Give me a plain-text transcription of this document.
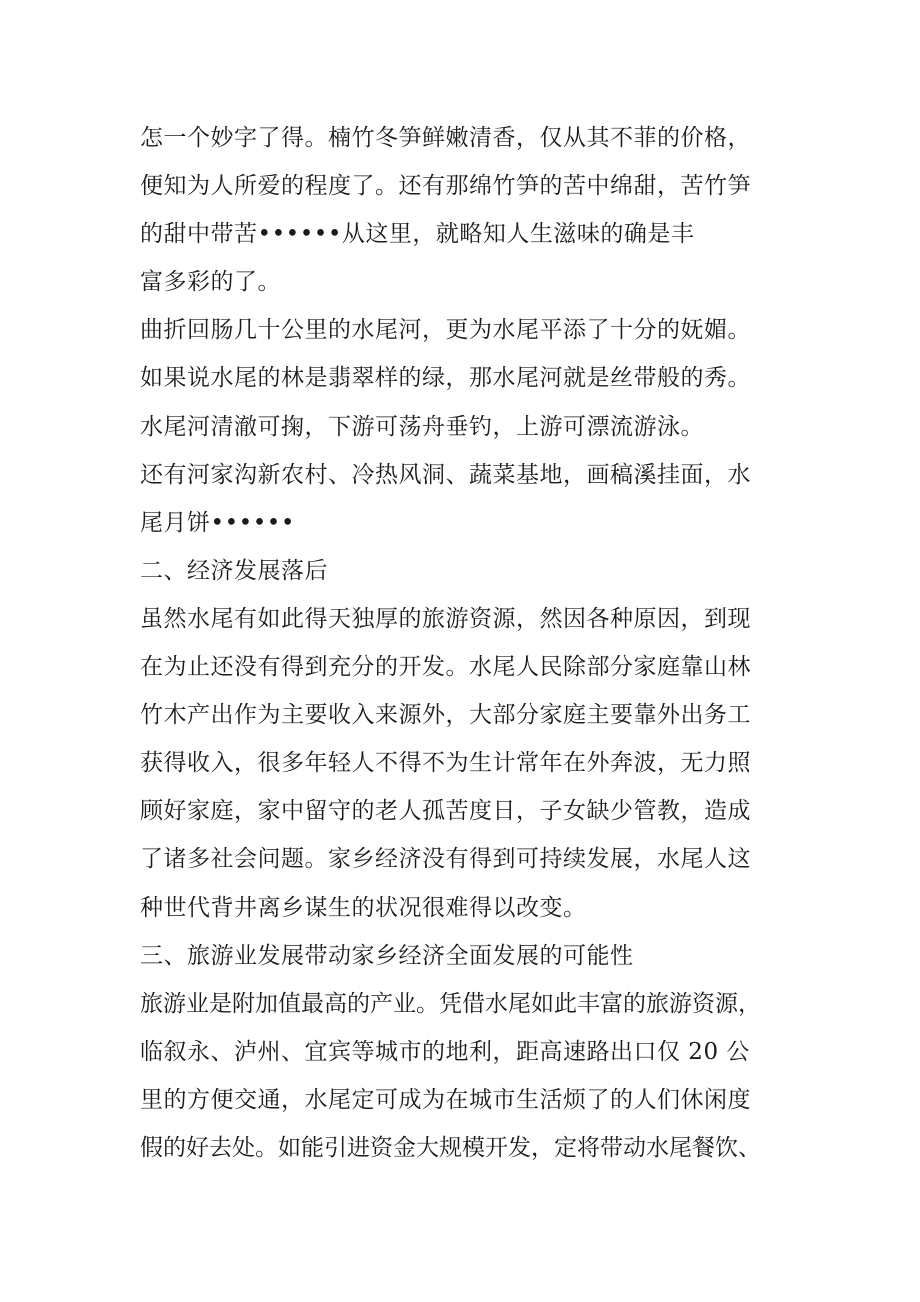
怎一个妙字了得。楠竹冬笋鲜嫩清香，仅从其不菲的价格，
便知为人所爱的程度了。还有那绵竹笋的苦中绵甜，苦竹笋
的甜中带苦••••••从这里，就略知人生滋味的确是丰
富多彩的了。
曲折回肠几十公里的水尾河，更为水尾平添了十分的妩媚。
如果说水尾的林是翡翠样的绿，那水尾河就是丝带般的秀。
水尾河清澈可掬，下游可荡舟垂钓，上游可漂流游泳。
还有河家沟新农村、冷热风洞、蔬菜基地，画稿溪挂面，水
尾月饼••••••
二、经济发展落后
虽然水尾有如此得天独厚的旅游资源，然因各种原因，到现
在为止还没有得到充分的开发。水尾人民除部分家庭靠山林
竹木产出作为主要收入来源外，大部分家庭主要靠外出务工
获得收入，很多年轻人不得不为生计常年在外奔波，无力照
顾好家庭，家中留守的老人孤苦度日，子女缺少管教，造成
了诸多社会问题。家乡经济没有得到可持续发展，水尾人这
种世代背井离乡谋生的状况很难得以改变。
三、旅游业发展带动家乡经济全面发展的可能性
旅游业是附加值最高的产业。凭借水尾如此丰富的旅游资源，
临叙永、泸州、宜宾等城市的地利，距高速路出口仅 20 公
里的方便交通，水尾定可成为在城市生活烦了的人们休闲度
假的好去处。如能引进资金大规模开发，定将带动水尾餐饮、
